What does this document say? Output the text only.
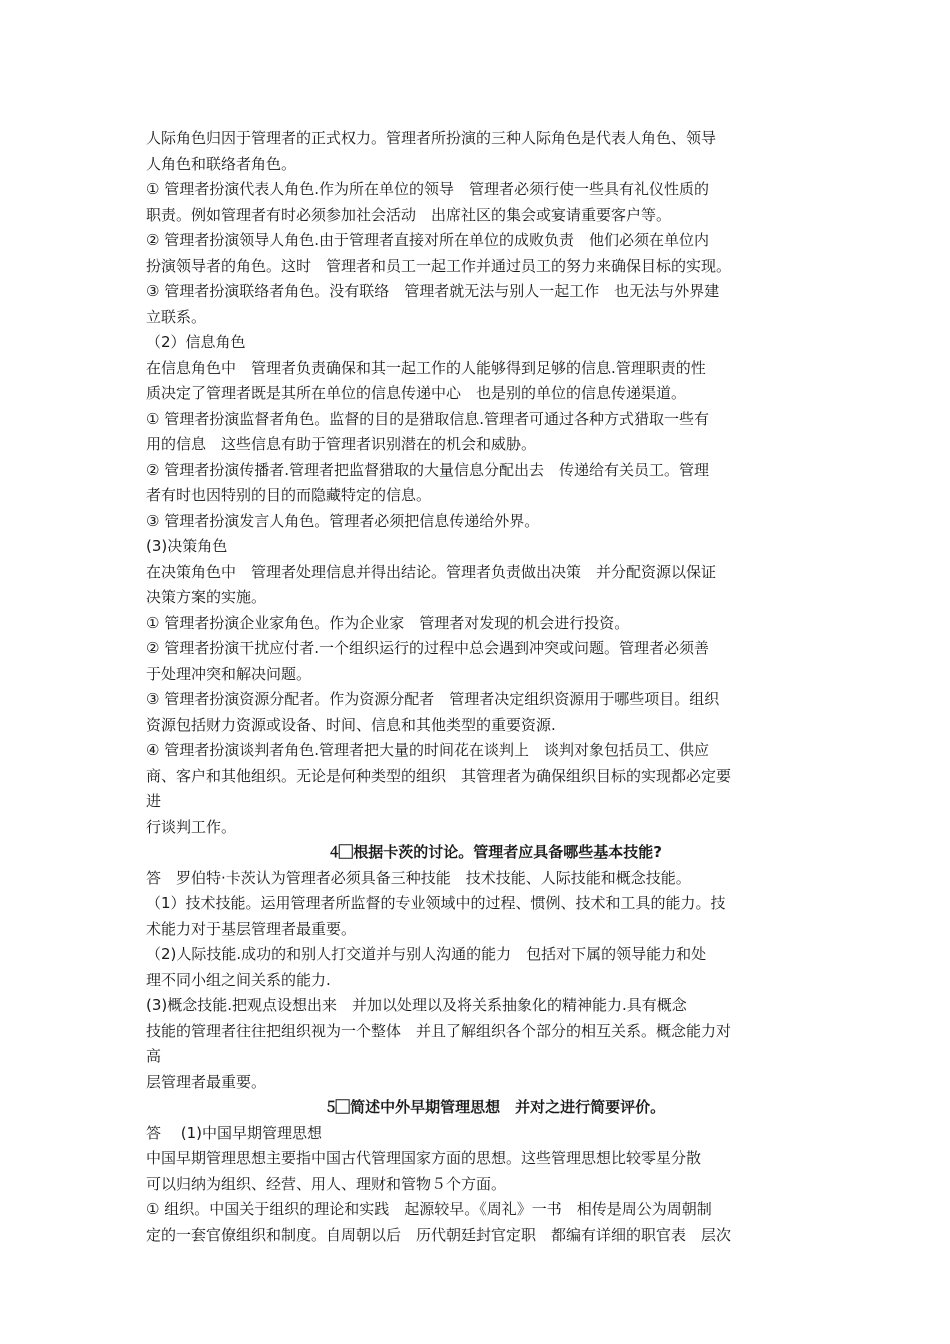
人际角色归因于管理者的正式权力。管理者所扮演的三种人际角色是代表人角色、领导
人角色和联络者角色。
① 管理者扮演代表人角色.作为所在单位的领导　管理者必须行使一些具有礼仪性质的
职责。例如管理者有时必须参加社会活动　出席社区的集会或宴请重要客户等。
② 管理者扮演领导人角色.由于管理者直接对所在单位的成败负责　他们必须在单位内
扮演领导者的角色。这时　管理者和员工一起工作并通过员工的努力来确保目标的实现。
③ 管理者扮演联络者角色。没有联络　管理者就无法与别人一起工作　也无法与外界建
立联系。
（2）信息角色
在信息角色中　管理者负责确保和其一起工作的人能够得到足够的信息.管理职责的性
质决定了管理者既是其所在单位的信息传递中心　也是别的单位的信息传递渠道。
① 管理者扮演监督者角色。监督的目的是猎取信息.管理者可通过各种方式猎取一些有
用的信息　这些信息有助于管理者识别潜在的机会和威胁。
② 管理者扮演传播者.管理者把监督猎取的大量信息分配出去　传递给有关员工。管理
者有时也因特别的目的而隐藏特定的信息。
③ 管理者扮演发言人角色。管理者必须把信息传递给外界。
(3)决策角色
在决策角色中　管理者处理信息并得出结论。管理者负责做出决策　并分配资源以保证
决策方案的实施。
① 管理者扮演企业家角色。作为企业家　管理者对发现的机会进行投资。
② 管理者扮演干扰应付者.一个组织运行的过程中总会遇到冲突或问题。管理者必须善
于处理冲突和解决问题。
③ 管理者扮演资源分配者。作为资源分配者　管理者决定组织资源用于哪些项目。组织
资源包括财力资源或设备、时间、信息和其他类型的重要资源.
④ 管理者扮演谈判者角色.管理者把大量的时间花在谈判上　谈判对象包括员工、供应
商、客户和其他组织。无论是何种类型的组织　其管理者为确保组织目标的实现都必定要
进
行谈判工作。
4⃞根据卡茨的讨论。管理者应具备哪些基本技能?
答　罗伯特·卡茨认为管理者必须具备三种技能　技术技能、人际技能和概念技能。
（1）技术技能。运用管理者所监督的专业领域中的过程、惯例、技术和工具的能力。技
术能力对于基层管理者最重要。
（2)人际技能.成功的和别人打交道并与别人沟通的能力　包括对下属的领导能力和处
理不同小组之间关系的能力.
(3)概念技能.把观点设想出来　并加以处理以及将关系抽象化的精神能力.具有概念
技能的管理者往往把组织视为一个整体　并且了解组织各个部分的相互关系。概念能力对
高
层管理者最重要。
5⃞简述中外早期管理思想　并对之进行简要评价。
答　 (1)中国早期管理思想
中国早期管理思想主要指中国古代管理国家方面的思想。这些管理思想比较零星分散
可以归纳为组织、经营、用人、理财和管物５个方面。
① 组织。中国关于组织的理论和实践　起源较早。《周礼》一书　相传是周公为周朝制
定的一套官僚组织和制度。自周朝以后　历代朝廷封官定职　都编有详细的职官表　层次
